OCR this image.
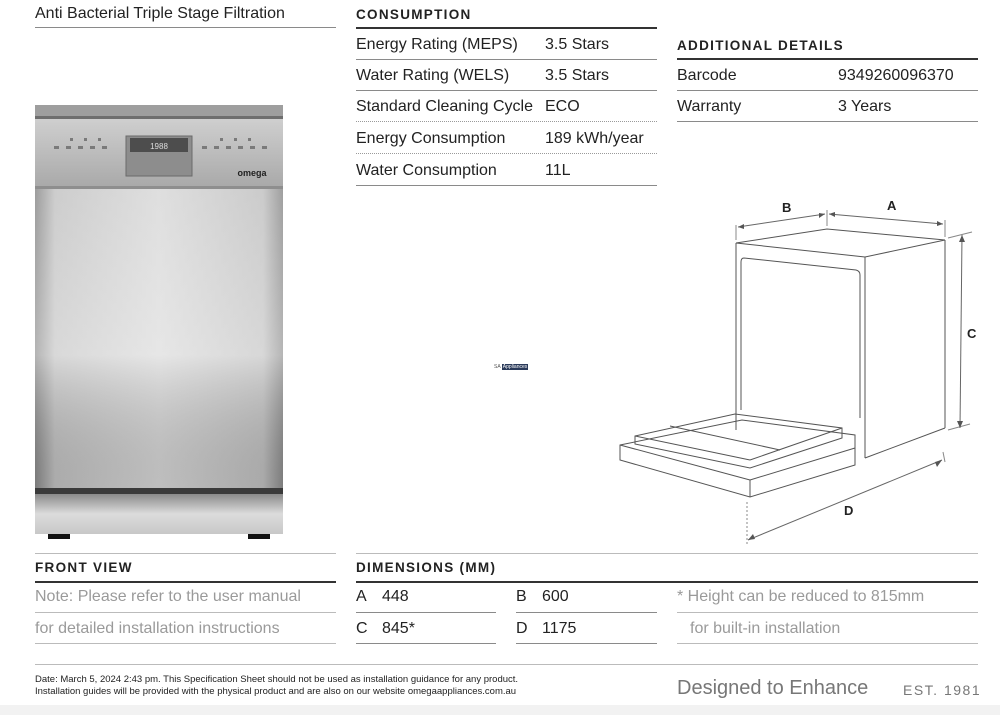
Anti Bacterial Triple Stage Filtration	CONSUMPTION
Energy Rating (MEPS) 3.5 Stars
Water Rating (WELS) 3.5 Stars
Standard Cleaning Cycle ECO
Energy Consumption 189 kWh/year
Water Consumption	11L
ADDITIONAL DETAILS
Barcode	9349260096370
Warranty	3 Years
1988
omega
SA Appliances
B	A
C
D
FRONT VIEW
Note: Please refer to the user manual
for detailed installation instructions
DIMENSIONS (MM)
A 448	B 600	* Height can be reduced to 815mm
C 845*	D 1175	for built-in installation
Date: March 5, 2024 2:43 pm. This Specification Sheet should not be used as installation guidance for any product.
Installation guides will be provided with the physical product and are also on our website omegaappliances.com.au	Designed to Enhance EST. 1981
